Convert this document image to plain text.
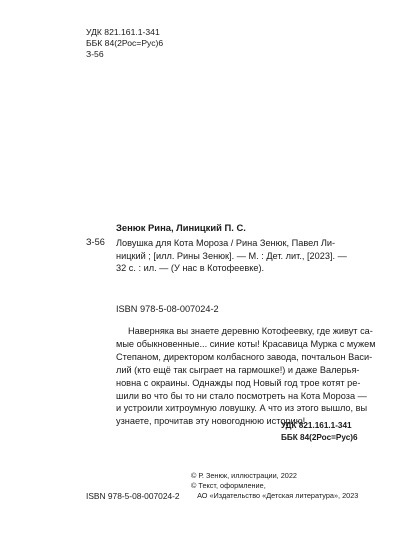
УДК 821.161.1-341
ББК 84(2Рос=Рус)6
З-56
Зенюк Рина, Линицкий П. С.
З-56 Ловушка для Кота Мороза / Рина Зенюк, Павел Ли-
ницкий ; [илл. Рины Зенюк]. — М. : Дет. лит., [2023]. —
32 с. : ил. — (У нас в Котофеевке).
ISBN 978-5-08-007024-2
Наверняка вы знаете деревню Котофеевку, где живут са-
мые обыкновенные... синие коты! Красавица Мурка с мужем
Степаном, директором колбасного завода, почтальон Васи-
лий (кто ещё так сыграет на гармошке!) и даже Валерья-
новна с окраины. Однажды под Новый год трое котят ре-
шили во что бы то ни стало посмотреть на Кота Мороза —
и устроили хитроумную ловушку. А что из этого вышло, вы
узнаете, прочитав эту новогоднюю историю!
УДК 821.161.1-341
ББК 84(2Рос=Рус)6
© Р. Зенюк, иллюстрации, 2022
© Текст, оформление,
АО «Издательство «Детская литература», 2023
ISBN 978-5-08-007024-2
